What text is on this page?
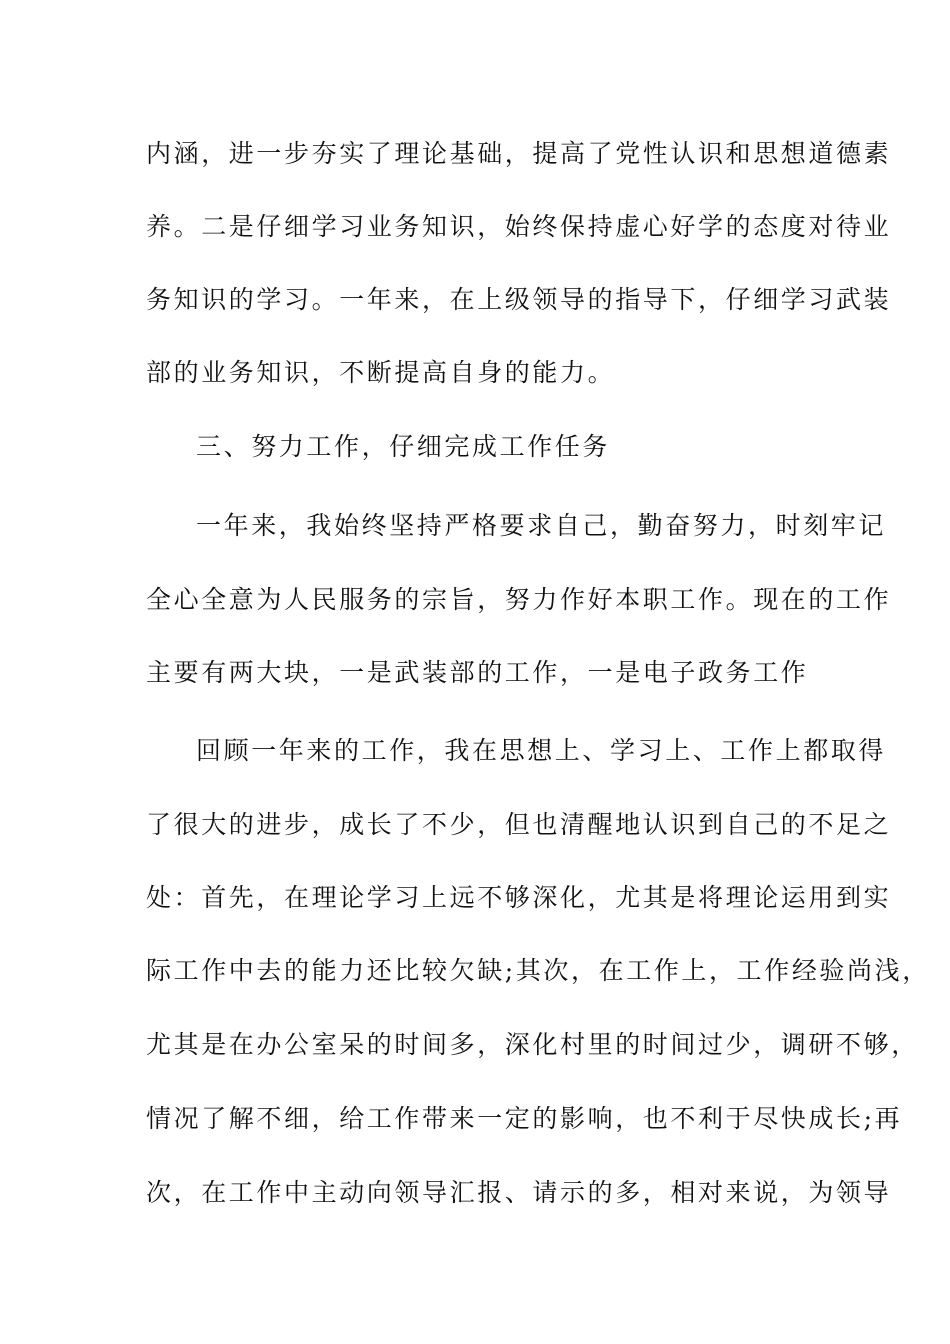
内涵，进一步夯实了理论基础，提高了党性认识和思想道德素
养。二是仔细学习业务知识，始终保持虚心好学的态度对待业
务知识的学习。一年来，在上级领导的指导下，仔细学习武装
部的业务知识，不断提高自身的能力。
三、努力工作，仔细完成工作任务
一年来，我始终坚持严格要求自己，勤奋努力，时刻牢记
全心全意为人民服务的宗旨，努力作好本职工作。现在的工作
主要有两大块，一是武装部的工作，一是电子政务工作
回顾一年来的工作，我在思想上、学习上、工作上都取得
了很大的进步，成长了不少，但也清醒地认识到自己的不足之
处：首先，在理论学习上远不够深化，尤其是将理论运用到实
际工作中去的能力还比较欠缺;其次，在工作上，工作经验尚浅，
尤其是在办公室呆的时间多，深化村里的时间过少，调研不够，
情况了解不细，给工作带来一定的影响，也不利于尽快成长;再
次，在工作中主动向领导汇报、请示的多，相对来说，为领导
